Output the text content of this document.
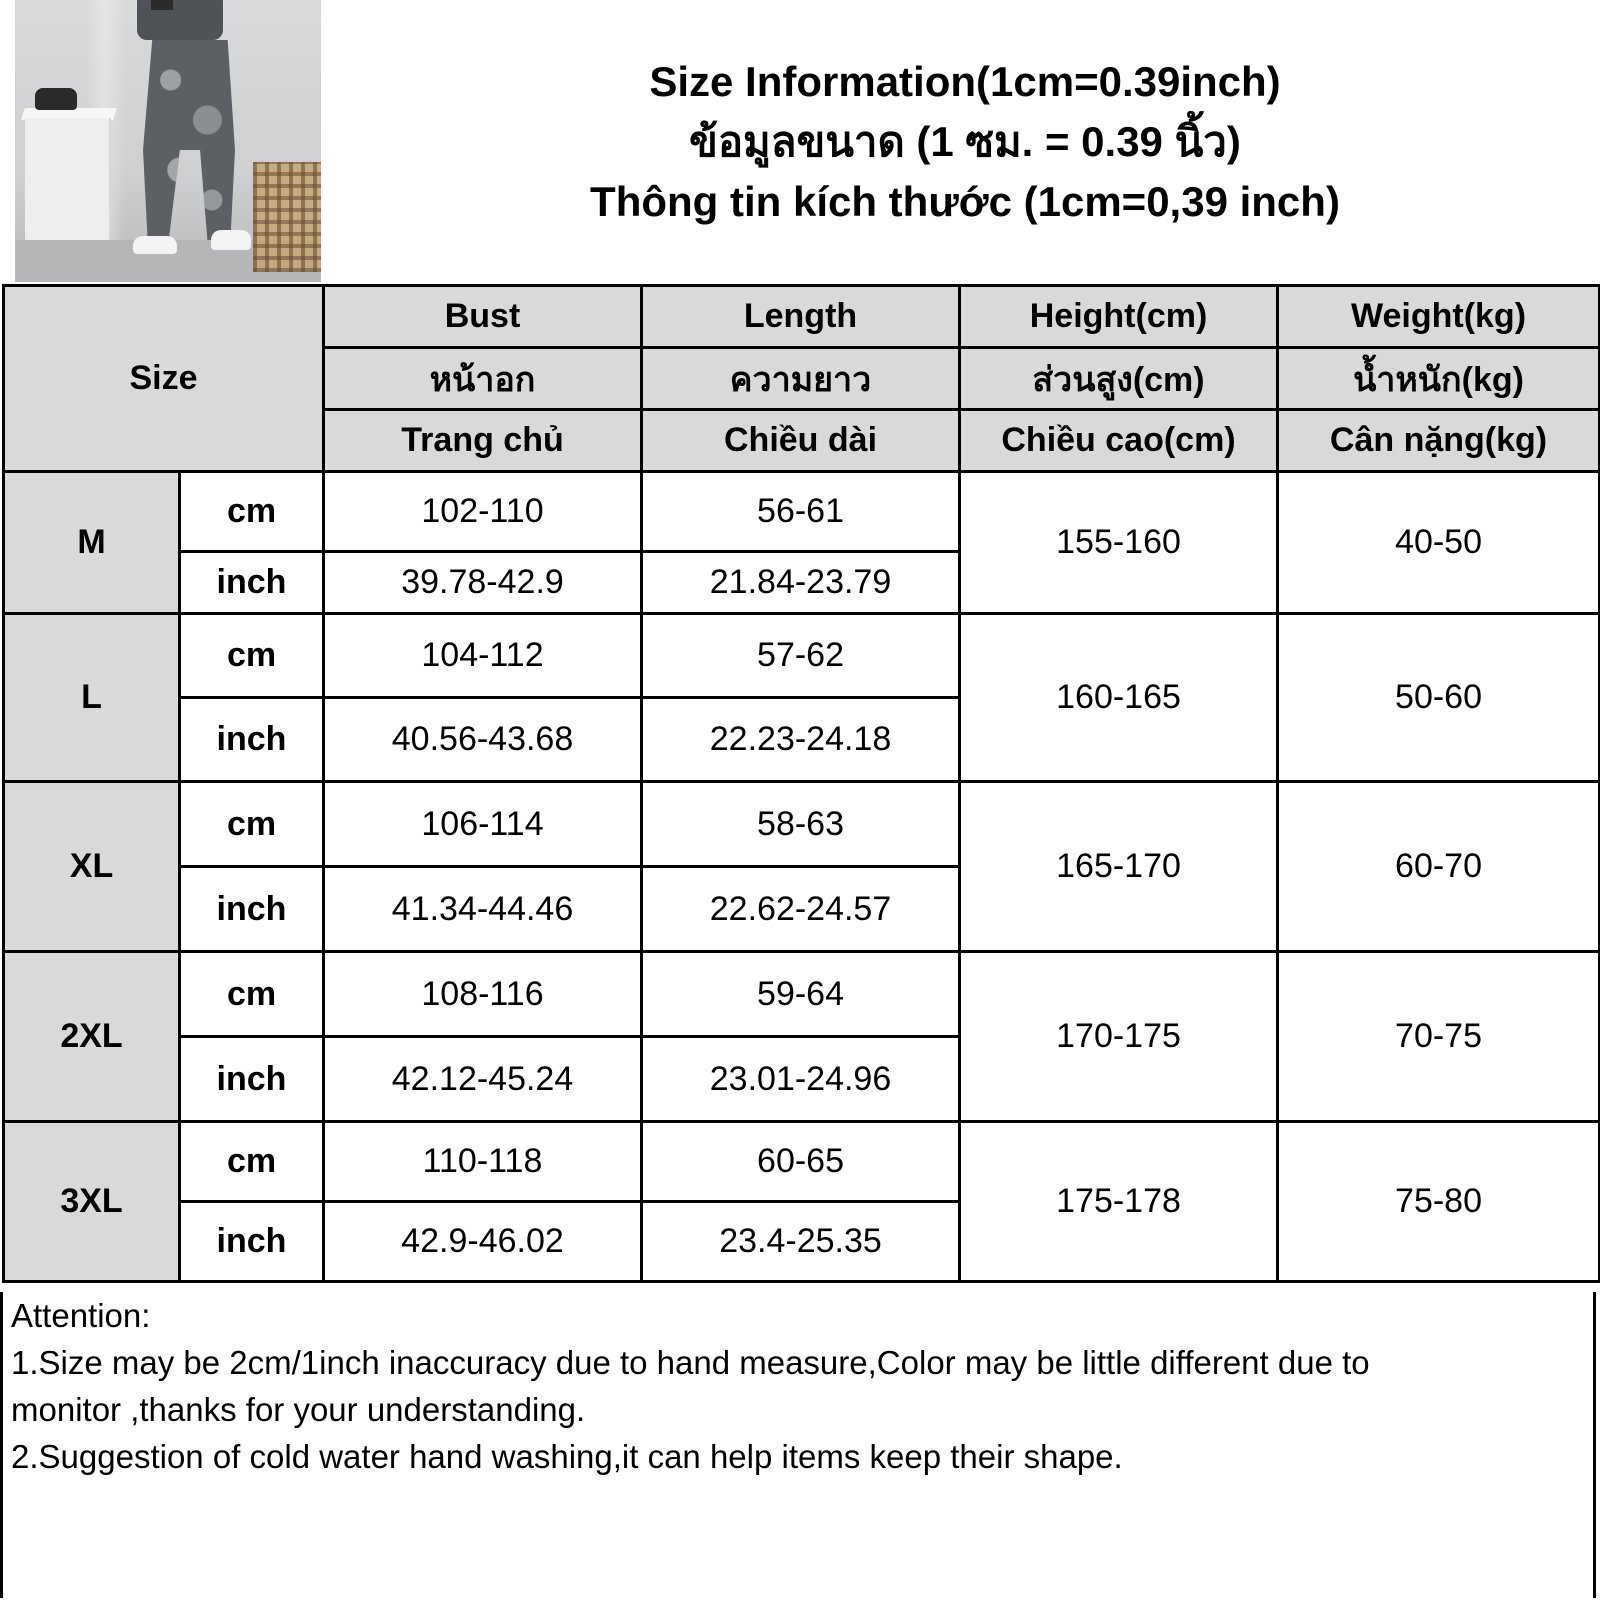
Size Information(1cm=0.39inch)
ข้อมูลขนาด (1 ซม. = 0.39 นิ้ว)
Thông tin kích thước (1cm=0,39 inch)
Size		Bust	Length	Height(cm)	Weight(kg)
		หน้าอก	ความยาว	ส่วนสูง(cm)	น้ำหนัก(kg)
		Trang chủ	Chiều dài	Chiều cao(cm)	Cân nặng(kg)
M	cm	102-110	56-61	155-160	40-50
	inch	39.78-42.9	21.84-23.79		
L	cm	104-112	57-62	160-165	50-60
	inch	40.56-43.68	22.23-24.18		
XL	cm	106-114	58-63	165-170	60-70
	inch	41.34-44.46	22.62-24.57		
2XL	cm	108-116	59-64	170-175	70-75
	inch	42.12-45.24	23.01-24.96		
3XL	cm	110-118	60-65	175-178	75-80
	inch	42.9-46.02	23.4-25.35		

Attention:

1.Size may be 2cm/1inch inaccuracy due to hand measure,Color may be little different due to

monitor ,thanks for your understanding.

2.Suggestion of cold water hand washing,it can help items keep their shape.
